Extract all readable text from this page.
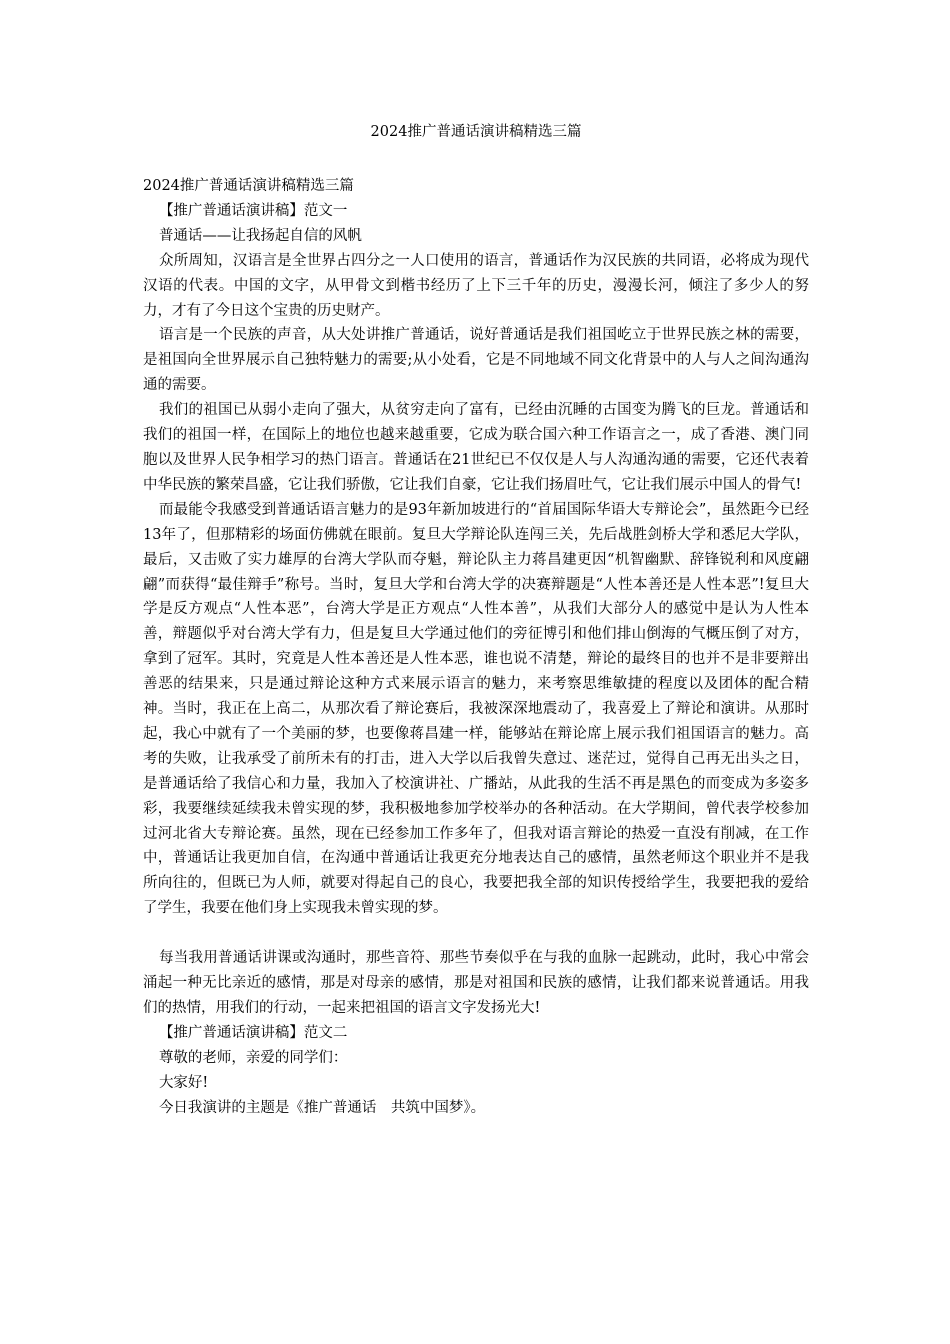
2024推广普通话演讲稿精选三篇

2024推广普通话演讲稿精选三篇

【推广普通话演讲稿】范文一

普通话——让我扬起自信的风帆

众所周知，汉语言是全世界占四分之一人口使用的语言，普通话作为汉民族的共同语，必将成为现代汉语的代表。中国的文字，从甲骨文到楷书经历了上下三千年的历史，漫漫长河，倾注了多少人的努力，才有了今日这个宝贵的历史财产。

语言是一个民族的声音，从大处讲推广普通话，说好普通话是我们祖国屹立于世界民族之林的需要，是祖国向全世界展示自己独特魅力的需要;从小处看，它是不同地域不同文化背景中的人与人之间沟通沟通的需要。

我们的祖国已从弱小走向了强大，从贫穷走向了富有，已经由沉睡的古国变为腾飞的巨龙。普通话和我们的祖国一样，在国际上的地位也越来越重要，它成为联合国六种工作语言之一，成了香港、澳门同胞以及世界人民争相学习的热门语言。普通话在21世纪已不仅仅是人与人沟通沟通的需要，它还代表着中华民族的繁荣昌盛，它让我们骄傲，它让我们自豪，它让我们扬眉吐气，它让我们展示中国人的骨气!

而最能令我感受到普通话语言魅力的是93年新加坡进行的“首届国际华语大专辩论会”，虽然距今已经13年了，但那精彩的场面仿佛就在眼前。复旦大学辩论队连闯三关，先后战胜剑桥大学和悉尼大学队，最后，又击败了实力雄厚的台湾大学队而夺魁，辩论队主力蒋昌建更因“机智幽默、辞锋锐利和风度翩翩”而获得“最佳辩手”称号。当时，复旦大学和台湾大学的决赛辩题是“人性本善还是人性本恶”!复旦大学是反方观点“人性本恶”，台湾大学是正方观点“人性本善”，从我们大部分人的感觉中是认为人性本善，辩题似乎对台湾大学有力，但是复旦大学通过他们的旁征博引和他们排山倒海的气概压倒了对方，拿到了冠军。其时，究竟是人性本善还是人性本恶，谁也说不清楚，辩论的最终目的也并不是非要辩出善恶的结果来，只是通过辩论这种方式来展示语言的魅力，来考察思维敏捷的程度以及团体的配合精神。当时，我正在上高二，从那次看了辩论赛后，我被深深地震动了，我喜爱上了辩论和演讲。从那时起，我心中就有了一个美丽的梦，也要像蒋昌建一样，能够站在辩论席上展示我们祖国语言的魅力。高考的失败，让我承受了前所未有的打击，进入大学以后我曾失意过、迷茫过，觉得自己再无出头之日，是普通话给了我信心和力量，我加入了校演讲社、广播站，从此我的生活不再是黑色的而变成为多姿多彩，我要继续延续我未曾实现的梦，我积极地参加学校举办的各种活动。在大学期间，曾代表学校参加过河北省大专辩论赛。虽然，现在已经参加工作多年了，但我对语言辩论的热爱一直没有削减，在工作中，普通话让我更加自信，在沟通中普通话让我更充分地表达自己的感情，虽然老师这个职业并不是我所向往的，但既已为人师，就要对得起自己的良心，我要把我全部的知识传授给学生，我要把我的爱给了学生，我要在他们身上实现我未曾实现的梦。

每当我用普通话讲课或沟通时，那些音符、那些节奏似乎在与我的血脉一起跳动，此时，我心中常会涌起一种无比亲近的感情，那是对母亲的感情，那是对祖国和民族的感情，让我们都来说普通话。用我们的热情，用我们的行动，一起来把祖国的语言文字发扬光大!

【推广普通话演讲稿】范文二

尊敬的老师，亲爱的同学们：

大家好!

今日我演讲的主题是《推广普通话　共筑中国梦》。
